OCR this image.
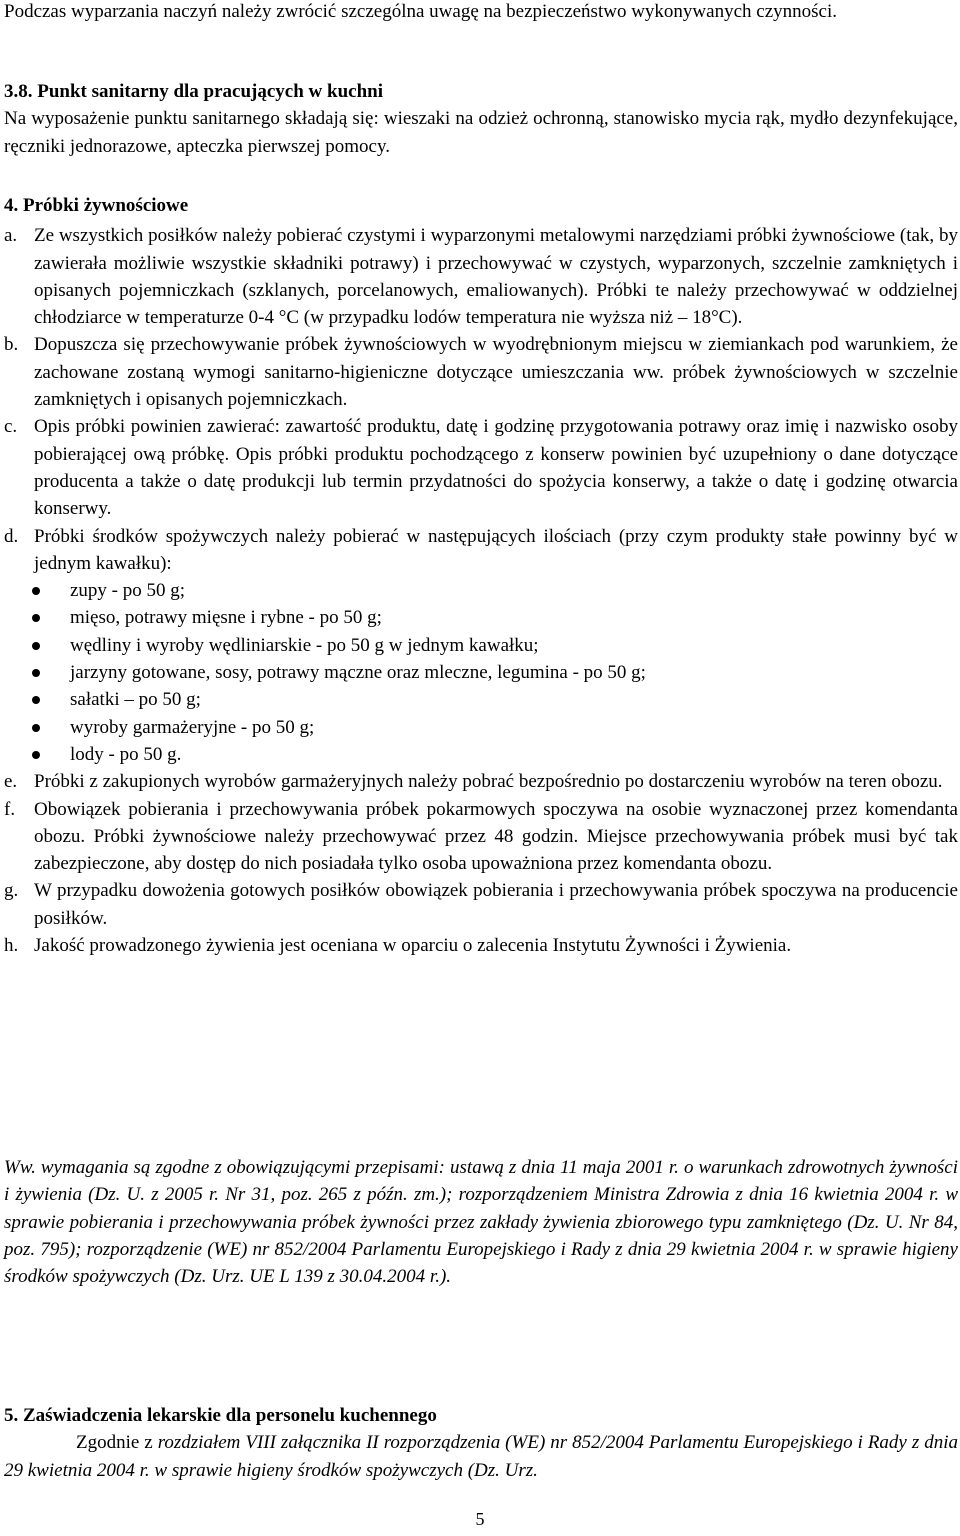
Podczas wyparzania naczyń należy zwrócić szczególna uwagę na bezpieczeństwo wykonywanych czynności.

3.8. Punkt sanitarny dla pracujących w kuchni

Na wyposażenie punktu sanitarnego składają się: wieszaki na odzież ochronną, stanowisko mycia rąk, mydło dezynfekujące, ręczniki jednorazowe, apteczka pierwszej pomocy.

4. Próbki żywnościowe

a. Ze wszystkich posiłków należy pobierać czystymi i wyparzonymi metalowymi narzędziami próbki żywnościowe (tak, by zawierała możliwie wszystkie składniki potrawy) i przechowywać w czystych, wyparzonych, szczelnie zamkniętych i opisanych pojemniczkach (szklanych, porcelanowych, emaliowanych). Próbki te należy przechowywać w oddzielnej chłodziarce w temperaturze 0-4 °C (w przypadku lodów temperatura nie wyższa niż – 18°C).
b. Dopuszcza się przechowywanie próbek żywnościowych w wyodrębnionym miejscu w ziemiankach pod warunkiem, że zachowane zostaną wymogi sanitarno-higieniczne dotyczące umieszczania ww. próbek żywnościowych w szczelnie zamkniętych i opisanych pojemniczkach.
c. Opis próbki powinien zawierać: zawartość produktu, datę i godzinę przygotowania potrawy oraz imię i nazwisko osoby pobierającej ową próbkę. Opis próbki produktu pochodzącego z konserw powinien być uzupełniony o dane dotyczące producenta a także o datę produkcji lub termin przydatności do spożycia konserwy, a także o datę i godzinę otwarcia konserwy.
d. Próbki środków spożywczych należy pobierać w następujących ilościach (przy czym produkty stałe powinny być w jednym kawałku):
zupy - po 50 g;
mięso, potrawy mięsne i rybne - po 50 g;
wędliny i wyroby wędliniarskie - po 50 g w jednym kawałku;
jarzyny gotowane, sosy, potrawy mączne oraz mleczne, legumina - po 50 g;
sałatki – po 50 g;
wyroby garmażeryjne - po 50 g;
lody - po 50 g.
e. Próbki z zakupionych wyrobów garmażeryjnych należy pobrać bezpośrednio po dostarczeniu wyrobów na teren obozu.
f. Obowiązek pobierania i przechowywania próbek pokarmowych spoczywa na osobie wyznaczonej przez komendanta obozu. Próbki żywnościowe należy przechowywać przez 48 godzin. Miejsce przechowywania próbek musi być tak zabezpieczone, aby dostęp do nich posiadała tylko osoba upoważniona przez komendanta obozu.
g. W przypadku dowożenia gotowych posiłków obowiązek pobierania i przechowywania próbek spoczywa na producencie posiłków.
h. Jakość prowadzonego żywienia jest oceniana w oparciu o zalecenia Instytutu Żywności i Żywienia.

Ww. wymagania są zgodne z obowiązującymi przepisami: ustawą z dnia 11 maja 2001 r. o warunkach zdrowotnych żywności i żywienia (Dz. U. z 2005 r. Nr 31, poz. 265 z późn. zm.); rozporządzeniem Ministra Zdrowia z dnia 16 kwietnia 2004 r. w sprawie pobierania i przechowywania próbek żywności przez zakłady żywienia zbiorowego typu zamkniętego (Dz. U. Nr 84, poz. 795); rozporządzenie (WE) nr 852/2004 Parlamentu Europejskiego i Rady z dnia 29 kwietnia 2004 r. w sprawie higieny środków spożywczych (Dz. Urz. UE L 139 z 30.04.2004 r.).

5. Zaświadczenia lekarskie dla personelu kuchennego

Zgodnie z rozdziałem VIII załącznika II rozporządzenia (WE) nr 852/2004 Parlamentu Europejskiego i Rady z dnia 29 kwietnia 2004 r. w sprawie higieny środków spożywczych (Dz. Urz.

5
